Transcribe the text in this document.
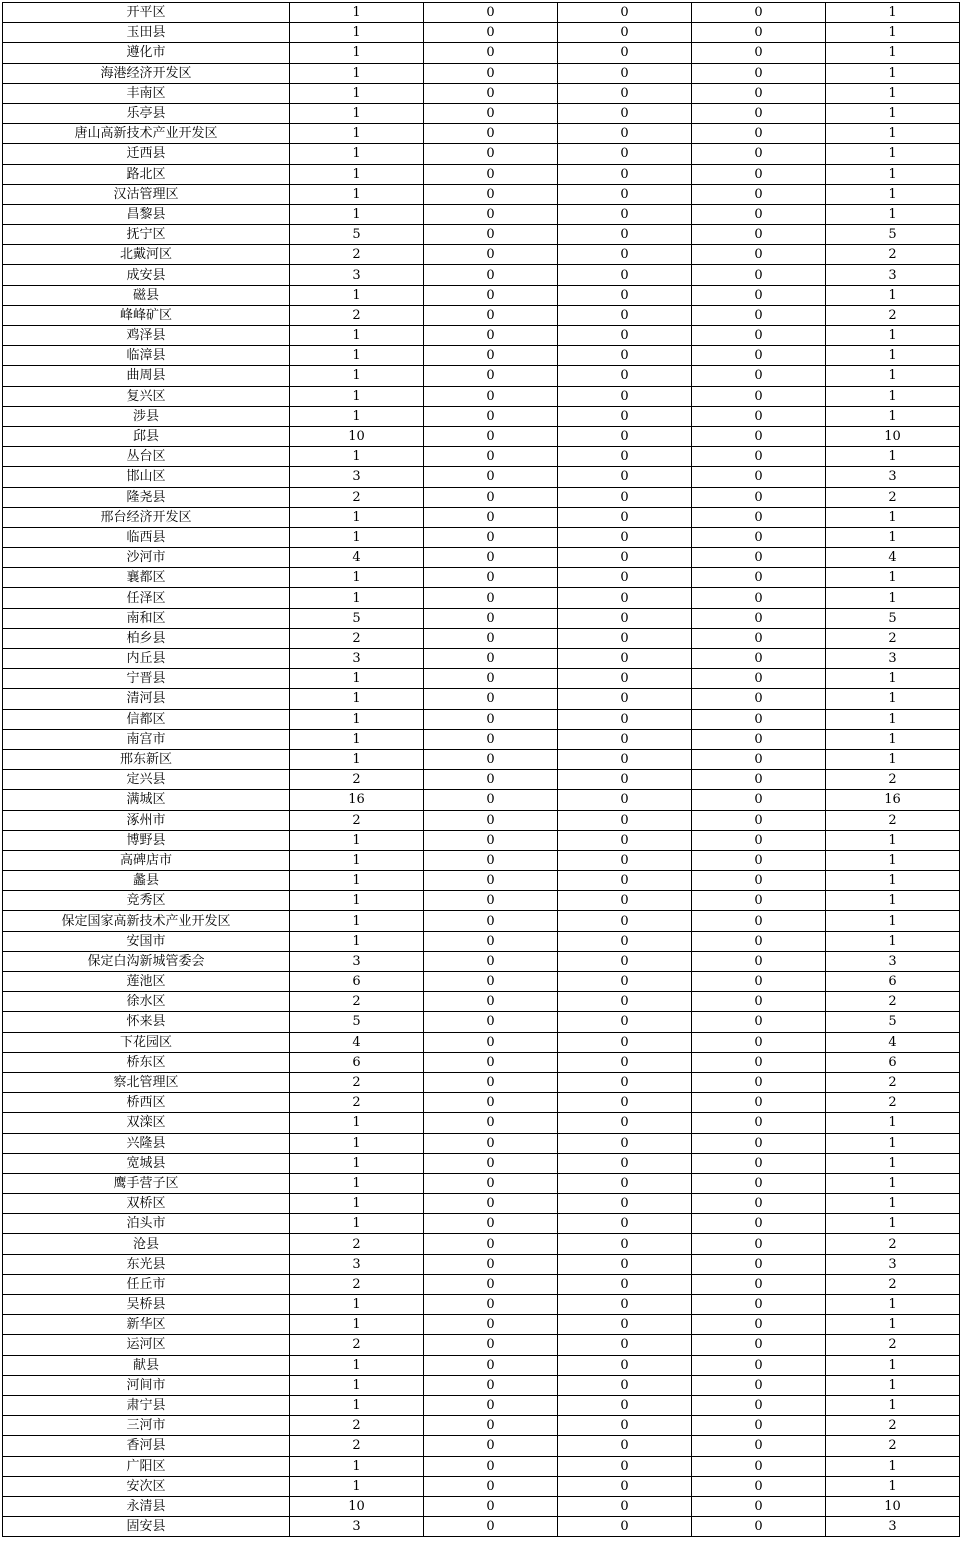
开平区	1	0	0	0	1
玉田县	1	0	0	0	1
遵化市	1	0	0	0	1
海港经济开发区	1	0	0	0	1
丰南区	1	0	0	0	1
乐亭县	1	0	0	0	1
唐山高新技术产业开发区	1	0	0	0	1
迁西县	1	0	0	0	1
路北区	1	0	0	0	1
汉沽管理区	1	0	0	0	1
昌黎县	1	0	0	0	1
抚宁区	5	0	0	0	5
北戴河区	2	0	0	0	2
成安县	3	0	0	0	3
磁县	1	0	0	0	1
峰峰矿区	2	0	0	0	2
鸡泽县	1	0	0	0	1
临漳县	1	0	0	0	1
曲周县	1	0	0	0	1
复兴区	1	0	0	0	1
涉县	1	0	0	0	1
邱县	10	0	0	0	10
丛台区	1	0	0	0	1
邯山区	3	0	0	0	3
隆尧县	2	0	0	0	2
邢台经济开发区	1	0	0	0	1
临西县	1	0	0	0	1
沙河市	4	0	0	0	4
襄都区	1	0	0	0	1
任泽区	1	0	0	0	1
南和区	5	0	0	0	5
柏乡县	2	0	0	0	2
内丘县	3	0	0	0	3
宁晋县	1	0	0	0	1
清河县	1	0	0	0	1
信都区	1	0	0	0	1
南宫市	1	0	0	0	1
邢东新区	1	0	0	0	1
定兴县	2	0	0	0	2
满城区	16	0	0	0	16
涿州市	2	0	0	0	2
博野县	1	0	0	0	1
高碑店市	1	0	0	0	1
蠡县	1	0	0	0	1
竞秀区	1	0	0	0	1
保定国家高新技术产业开发区	1	0	0	0	1
安国市	1	0	0	0	1
保定白沟新城管委会	3	0	0	0	3
莲池区	6	0	0	0	6
徐水区	2	0	0	0	2
怀来县	5	0	0	0	5
下花园区	4	0	0	0	4
桥东区	6	0	0	0	6
察北管理区	2	0	0	0	2
桥西区	2	0	0	0	2
双滦区	1	0	0	0	1
兴隆县	1	0	0	0	1
宽城县	1	0	0	0	1
鹰手营子区	1	0	0	0	1
双桥区	1	0	0	0	1
泊头市	1	0	0	0	1
沧县	2	0	0	0	2
东光县	3	0	0	0	3
任丘市	2	0	0	0	2
吴桥县	1	0	0	0	1
新华区	1	0	0	0	1
运河区	2	0	0	0	2
献县	1	0	0	0	1
河间市	1	0	0	0	1
肃宁县	1	0	0	0	1
三河市	2	0	0	0	2
香河县	2	0	0	0	2
广阳区	1	0	0	0	1
安次区	1	0	0	0	1
永清县	10	0	0	0	10
固安县	3	0	0	0	3
